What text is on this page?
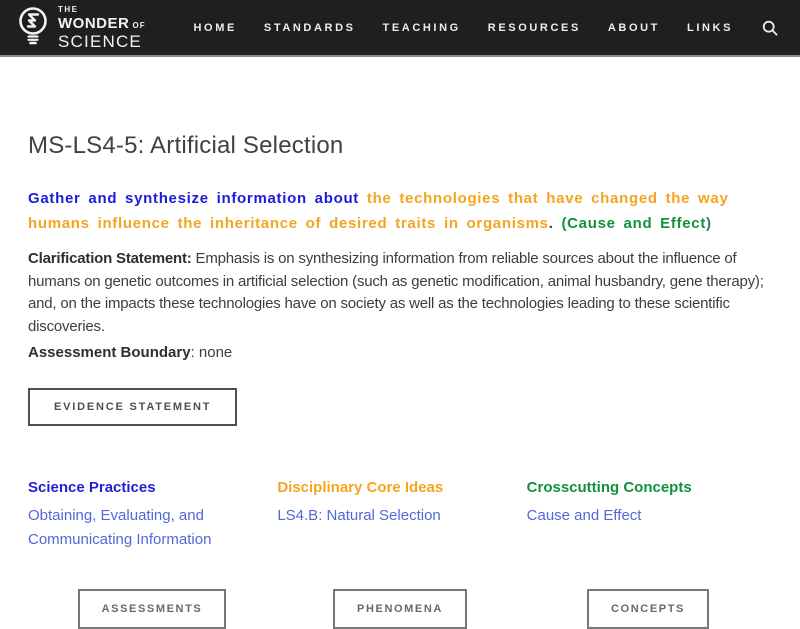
THE
WONDER OF
SCIENCE
HOME STANDARDS TEACHING RESOURCES ABOUT LINKS
MS-LS4-5: Artificial Selection

Gather and synthesize information about the technologies that have changed the way humans influence the inheritance of desired traits in organisms. (Cause and Effect)

Clarification Statement: Emphasis is on synthesizing information from reliable sources about the influence of humans on genetic outcomes in artificial selection (such as genetic modification, animal husbandry, gene therapy); and, on the impacts these technologies have on society as well as the technologies leading to these scientific discoveries.

Assessment Boundary: none

EVIDENCE STATEMENT
Science Practices
Obtaining, Evaluating, and Communicating Information
Disciplinary Core Ideas
LS4.B: Natural Selection
Crosscutting Concepts
Cause and Effect
ASSESSMENTS	PHENOMENA	CONCEPTS
